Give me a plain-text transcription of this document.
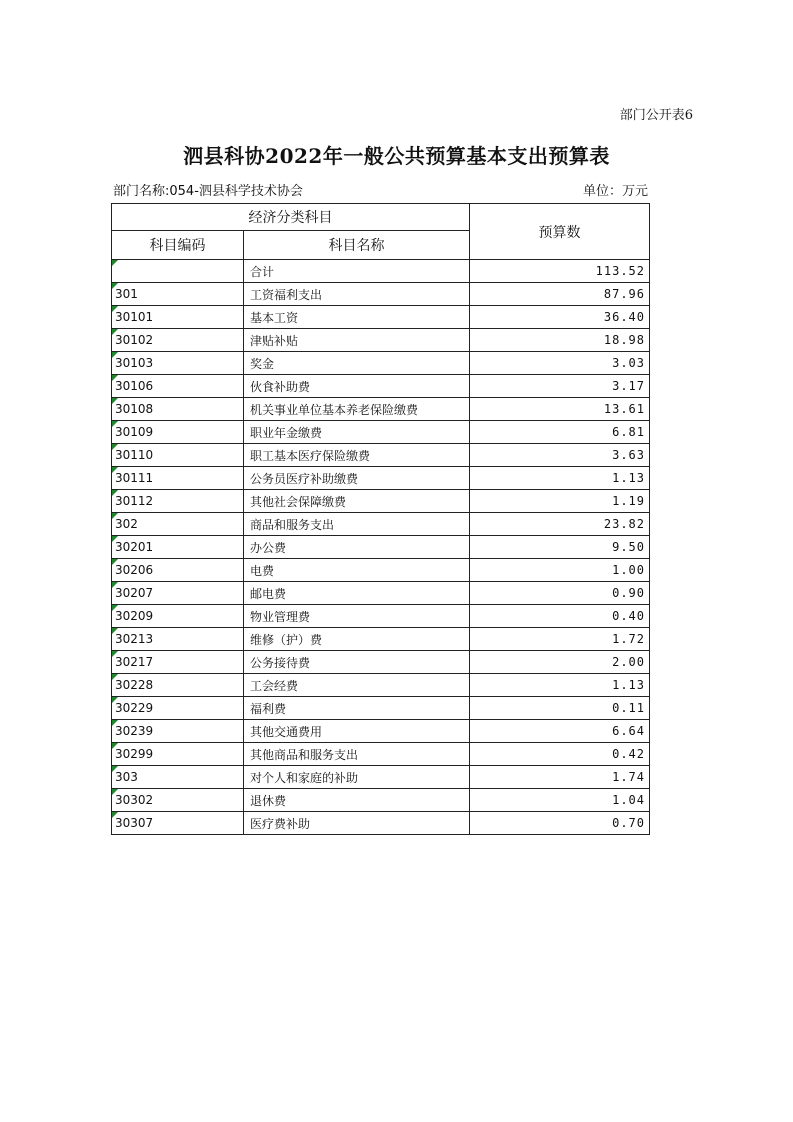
部门公开表6
泗县科协2022年一般公共预算基本支出预算表
部门名称:054-泗县科学技术协会	单位：万元
经济分类科目		预算数
科目编码	科目名称	

	合计	113.52

301	工资福利支出	87.96

30101	基本工资	36.40

30102	津贴补贴	18.98

30103	奖金	3.03

30106	伙食补助费	3.17

30108	机关事业单位基本养老保险缴费	13.61

30109	职业年金缴费	6.81

30110	职工基本医疗保险缴费	3.63

30111	公务员医疗补助缴费	1.13

30112	其他社会保障缴费	1.19

302	商品和服务支出	23.82

30201	办公费	9.50

30206	电费	1.00

30207	邮电费	0.90

30209	物业管理费	0.40

30213	维修（护）费	1.72

30217	公务接待费	2.00

30228	工会经费	1.13

30229	福利费	0.11

30239	其他交通费用	6.64

30299	其他商品和服务支出	0.42

303	对个人和家庭的补助	1.74

30302	退休费	1.04

30307	医疗费补助	0.70
